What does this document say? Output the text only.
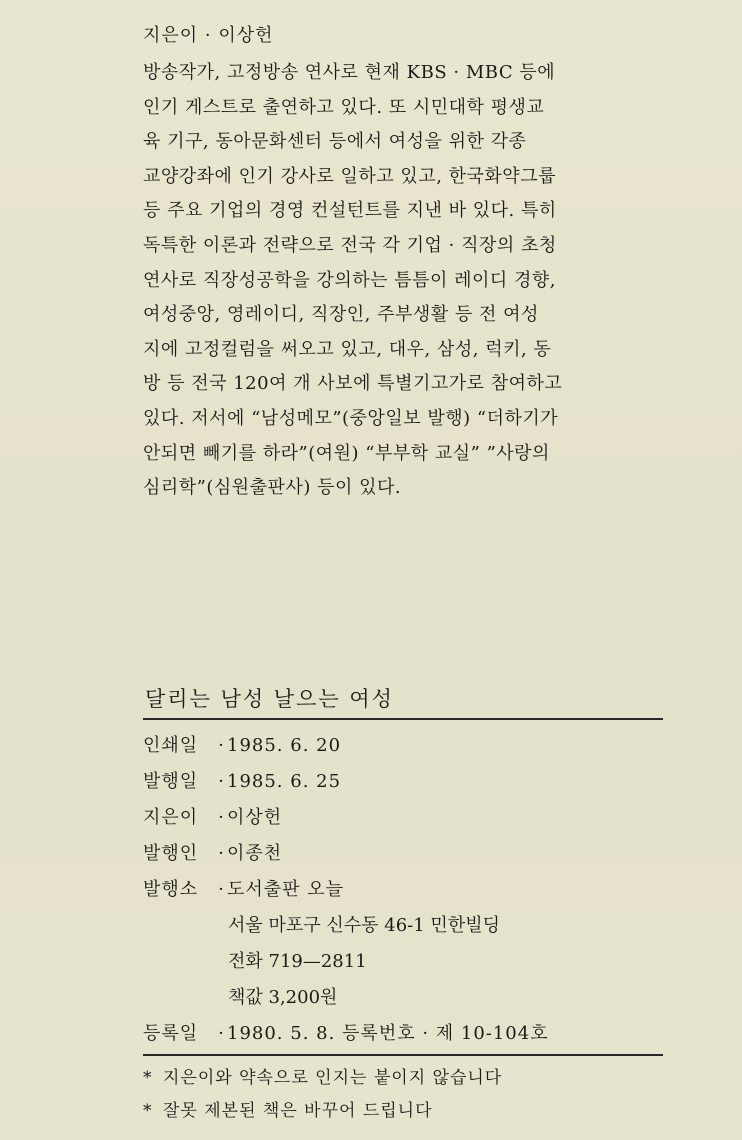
지은이 · 이상헌
방송작가, 고정방송 연사로 현재 KBS · MBC 등에
인기 게스트로 출연하고 있다. 또 시민대학 평생교
육 기구, 동아문화센터 등에서 여성을 위한 각종
교양강좌에 인기 강사로 일하고 있고, 한국화약그룹
등 주요 기업의 경영 컨설턴트를 지낸 바 있다. 특히
독특한 이론과 전략으로 전국 각 기업 · 직장의 초청
연사로 직장성공학을 강의하는 틈틈이 레이디 경향,
여성중앙, 영레이디, 직장인, 주부생활 등 전 여성
지에 고정컬럼을 써오고 있고, 대우, 삼성, 럭키, 동
방 등 전국 120여 개 사보에 특별기고가로 참여하고
있다. 저서에 “남성메모”(중앙일보 발행) “더하기가
안되면 빼기를 하라”(여원) “부부학 교실” ”사랑의
심리학”(심원출판사) 등이 있다.
달리는 남성 날으는 여성
인쇄일 · 1985. 6. 20
발행일 · 1985. 6. 25
지은이 · 이상헌
발행인 · 이종천
발행소 · 도서출판 오늘
서울 마포구 신수동 46-1 민한빌딩
전화 719—2811
책값 3,200원
등록일 · 1980. 5. 8. 등록번호 · 제 10-104호
* 지은이와 약속으로 인지는 붙이지 않습니다
* 잘못 제본된 책은 바꾸어 드립니다
